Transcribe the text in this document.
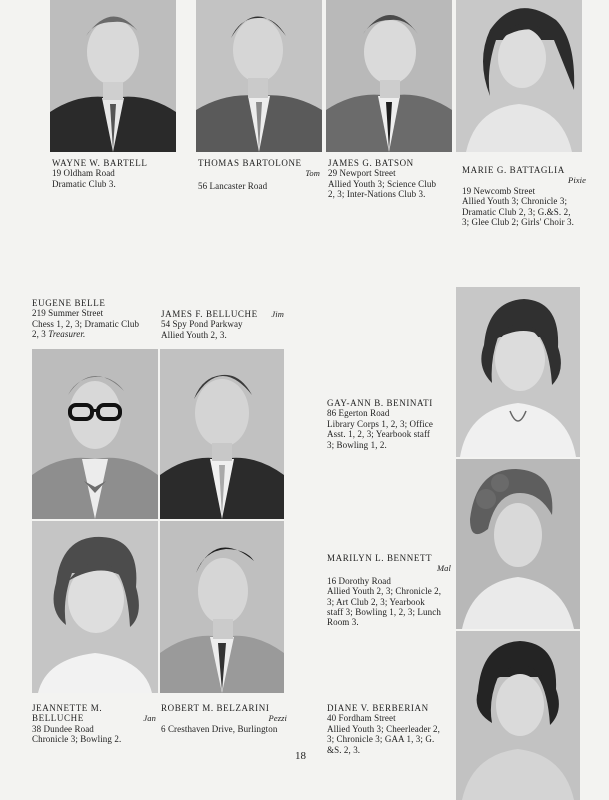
WAYNE W. BARTELL
19 Oldham Road
Dramatic Club 3.
THOMAS BARTOLONE
Tom
56 Lancaster Road
JAMES G. BATSON
29 Newport Street
Allied Youth 3; Science Club
2, 3; Inter-Nations Club 3.
MARIE G. BATTAGLIA
Pixie
19 Newcomb Street
Allied Youth 3; Chronicle 3;
Dramatic Club 2, 3; G.&S. 2,
3; Glee Club 2; Girls' Choir 3.
EUGENE BELLE
219 Summer Street
Chess 1, 2, 3; Dramatic Club
2, 3 Treasurer.
JAMES F. BELLUCHE Jim
54 Spy Pond Parkway
Allied Youth 2, 3.
GAY-ANN B. BENINATI
86 Egerton Road
Library Corps 1, 2, 3; Office
Asst. 1, 2, 3; Yearbook staff
3; Bowling 1, 2.
MARILYN L. BENNETT
Mal
16 Dorothy Road
Allied Youth 2, 3; Chronicle 2,
3; Art Club 2, 3; Yearbook
staff 3; Bowling 1, 2, 3; Lunch
Room 3.
JEANNETTE M.
BELLUCHE	Jan
38 Dundee Road
Chronicle 3; Bowling 2.
ROBERT M. BELZARINI
Pezzi
6 Cresthaven Drive, Burlington
DIANE V. BERBERIAN
40 Fordham Street
Allied Youth 3; Cheerleader 2,
3; Chronicle 3; GAA 1, 3; G.
&S. 2, 3.
18
